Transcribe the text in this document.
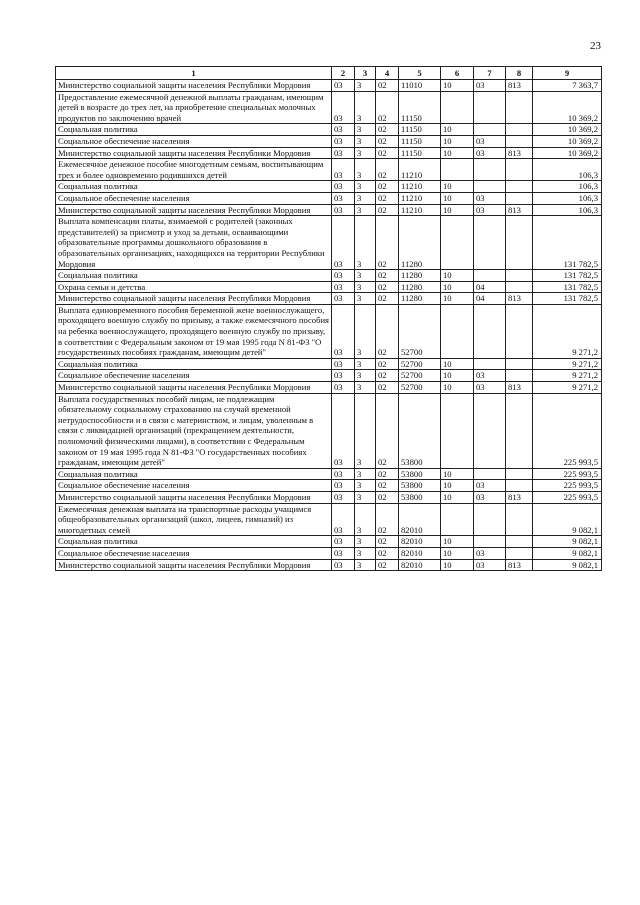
23
1	2	3	4	5	6	7	8	9
Министерство социальной защиты населения Республики Мордовия	03	3	02	11010	10	03	813	7 363,7
Предоставление ежемесячной денежной выплаты гражданам, имеющим детей в возрасте до трех лет, на приобретение специальных молочных продуктов по заключению врачей	03	3	02	11150				10 369,2
Социальная политика	03	3	02	11150	10			10 369,2
Социальное обеспечение населения	03	3	02	11150	10	03		10 369,2
Министерство социальной защиты населения Республики Мордовия	03	3	02	11150	10	03	813	10 369,2
Ежемесячное денежное пособие многодетным семьям, воспитывающим трех и более одновременно родившихся детей	03	3	02	11210				106,3
Социальная политика	03	3	02	11210	10			106,3
Социальное обеспечение населения	03	3	02	11210	10	03		106,3
Министерство социальной защиты населения Республики Мордовия	03	3	02	11210	10	03	813	106,3
Выплата компенсации платы, взимаемой с родителей (законных представителей) за присмотр и уход за детьми, осваивающими образовательные программы дошкольного образования в образовательных организациях, находящихся на территории Республики Мордовия	03	3	02	11280				131 782,5
Социальная политика	03	3	02	11280	10			131 782,5
Охрана семьи и детства	03	3	02	11280	10	04		131 782,5
Министерство социальной защиты населения Республики Мордовия	03	3	02	11280	10	04	813	131 782,5
Выплата единовременного пособия беременной жене военнослужащего, проходящего военную службу по призыву, а также ежемесячного пособия на ребенка военнослужащего, проходящего военную службу по призыву, в соответствии с Федеральным законом от 19 мая 1995 года N 81-ФЗ "О государственных пособиях гражданам, имеющим детей"	03	3	02	52700				9 271,2
Социальная политика	03	3	02	52700	10			9 271,2
Социальное обеспечение населения	03	3	02	52700	10	03		9 271,2
Министерство социальной защиты населения Республики Мордовия	03	3	02	52700	10	03	813	9 271,2
Выплата государственных пособий лицам, не подлежащим обязательному социальному страхованию на случай временной нетрудоспособности и в связи с материнством, и лицам, уволенным в связи с ликвидацией организаций (прекращением деятельности, полномочий физическими лицами), в соответствии с Федеральным законом от 19 мая 1995 года N 81-ФЗ "О государственных пособиях гражданам, имеющим детей"	03	3	02	53800				225 993,5
Социальная политика	03	3	02	53800	10			225 993,5
Социальное обеспечение населения	03	3	02	53800	10	03		225 993,5
Министерство социальной защиты населения Республики Мордовия	03	3	02	53800	10	03	813	225 993,5
Ежемесячная денежная выплата на транспортные расходы учащимся общеобразовательных организаций (школ, лицеев, гимназий) из многодетных семей	03	3	02	82010				9 082,1
Социальная политика	03	3	02	82010	10			9 082,1
Социальное обеспечение населения	03	3	02	82010	10	03		9 082,1
Министерство социальной защиты населения Республики Мордовия	03	3	02	82010	10	03	813	9 082,1
